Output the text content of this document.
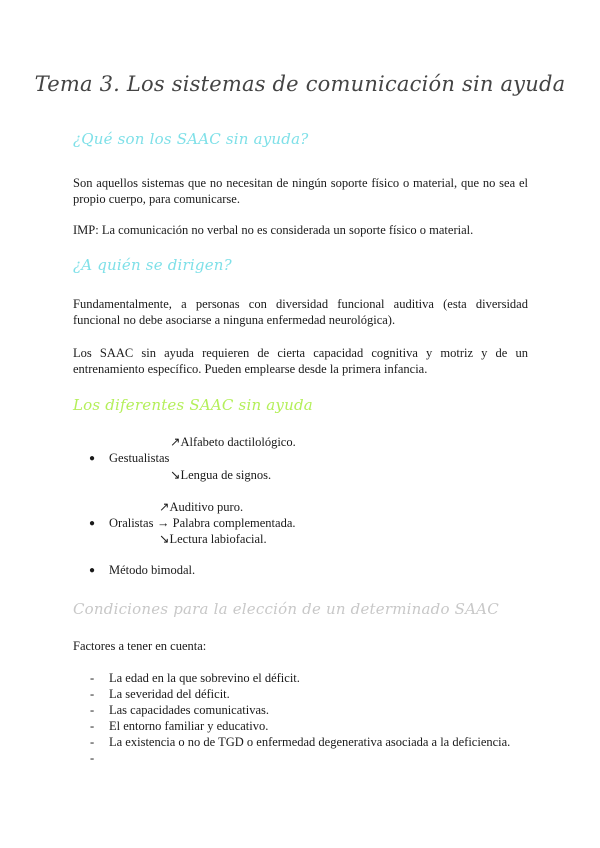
Tema 3. Los sistemas de comunicación sin ayuda
¿Qué son los SAAC sin ayuda?
Son aquellos sistemas que no necesitan de ningún soporte físico o material, que no sea el propio cuerpo, para comunicarse.
IMP: La comunicación no verbal no es considerada un soporte físico o material.
¿A quién se dirigen?
Fundamentalmente, a personas con diversidad funcional auditiva (esta diversidad funcional no debe asociarse a ninguna enfermedad neurológica).
Los SAAC sin ayuda requieren de cierta capacidad cognitiva y motriz y de un entrenamiento específico. Pueden emplearse desde la primera infancia.
Los diferentes SAAC sin ayuda
↗Alfabeto dactilológico.
● Gestualistas
↘Lengua de signos.
↗Auditivo puro.
● Oralistas → Palabra complementada.
↘Lectura labiofacial.
● Método bimodal.
Condiciones para la elección de un determinado SAAC
Factores a tener en cuenta:
- La edad en la que sobrevino el déficit.
- La severidad del déficit.
- Las capacidades comunicativas.
- El entorno familiar y educativo.
- La existencia o no de TGD o enfermedad degenerativa asociada a la deficiencia.
-
